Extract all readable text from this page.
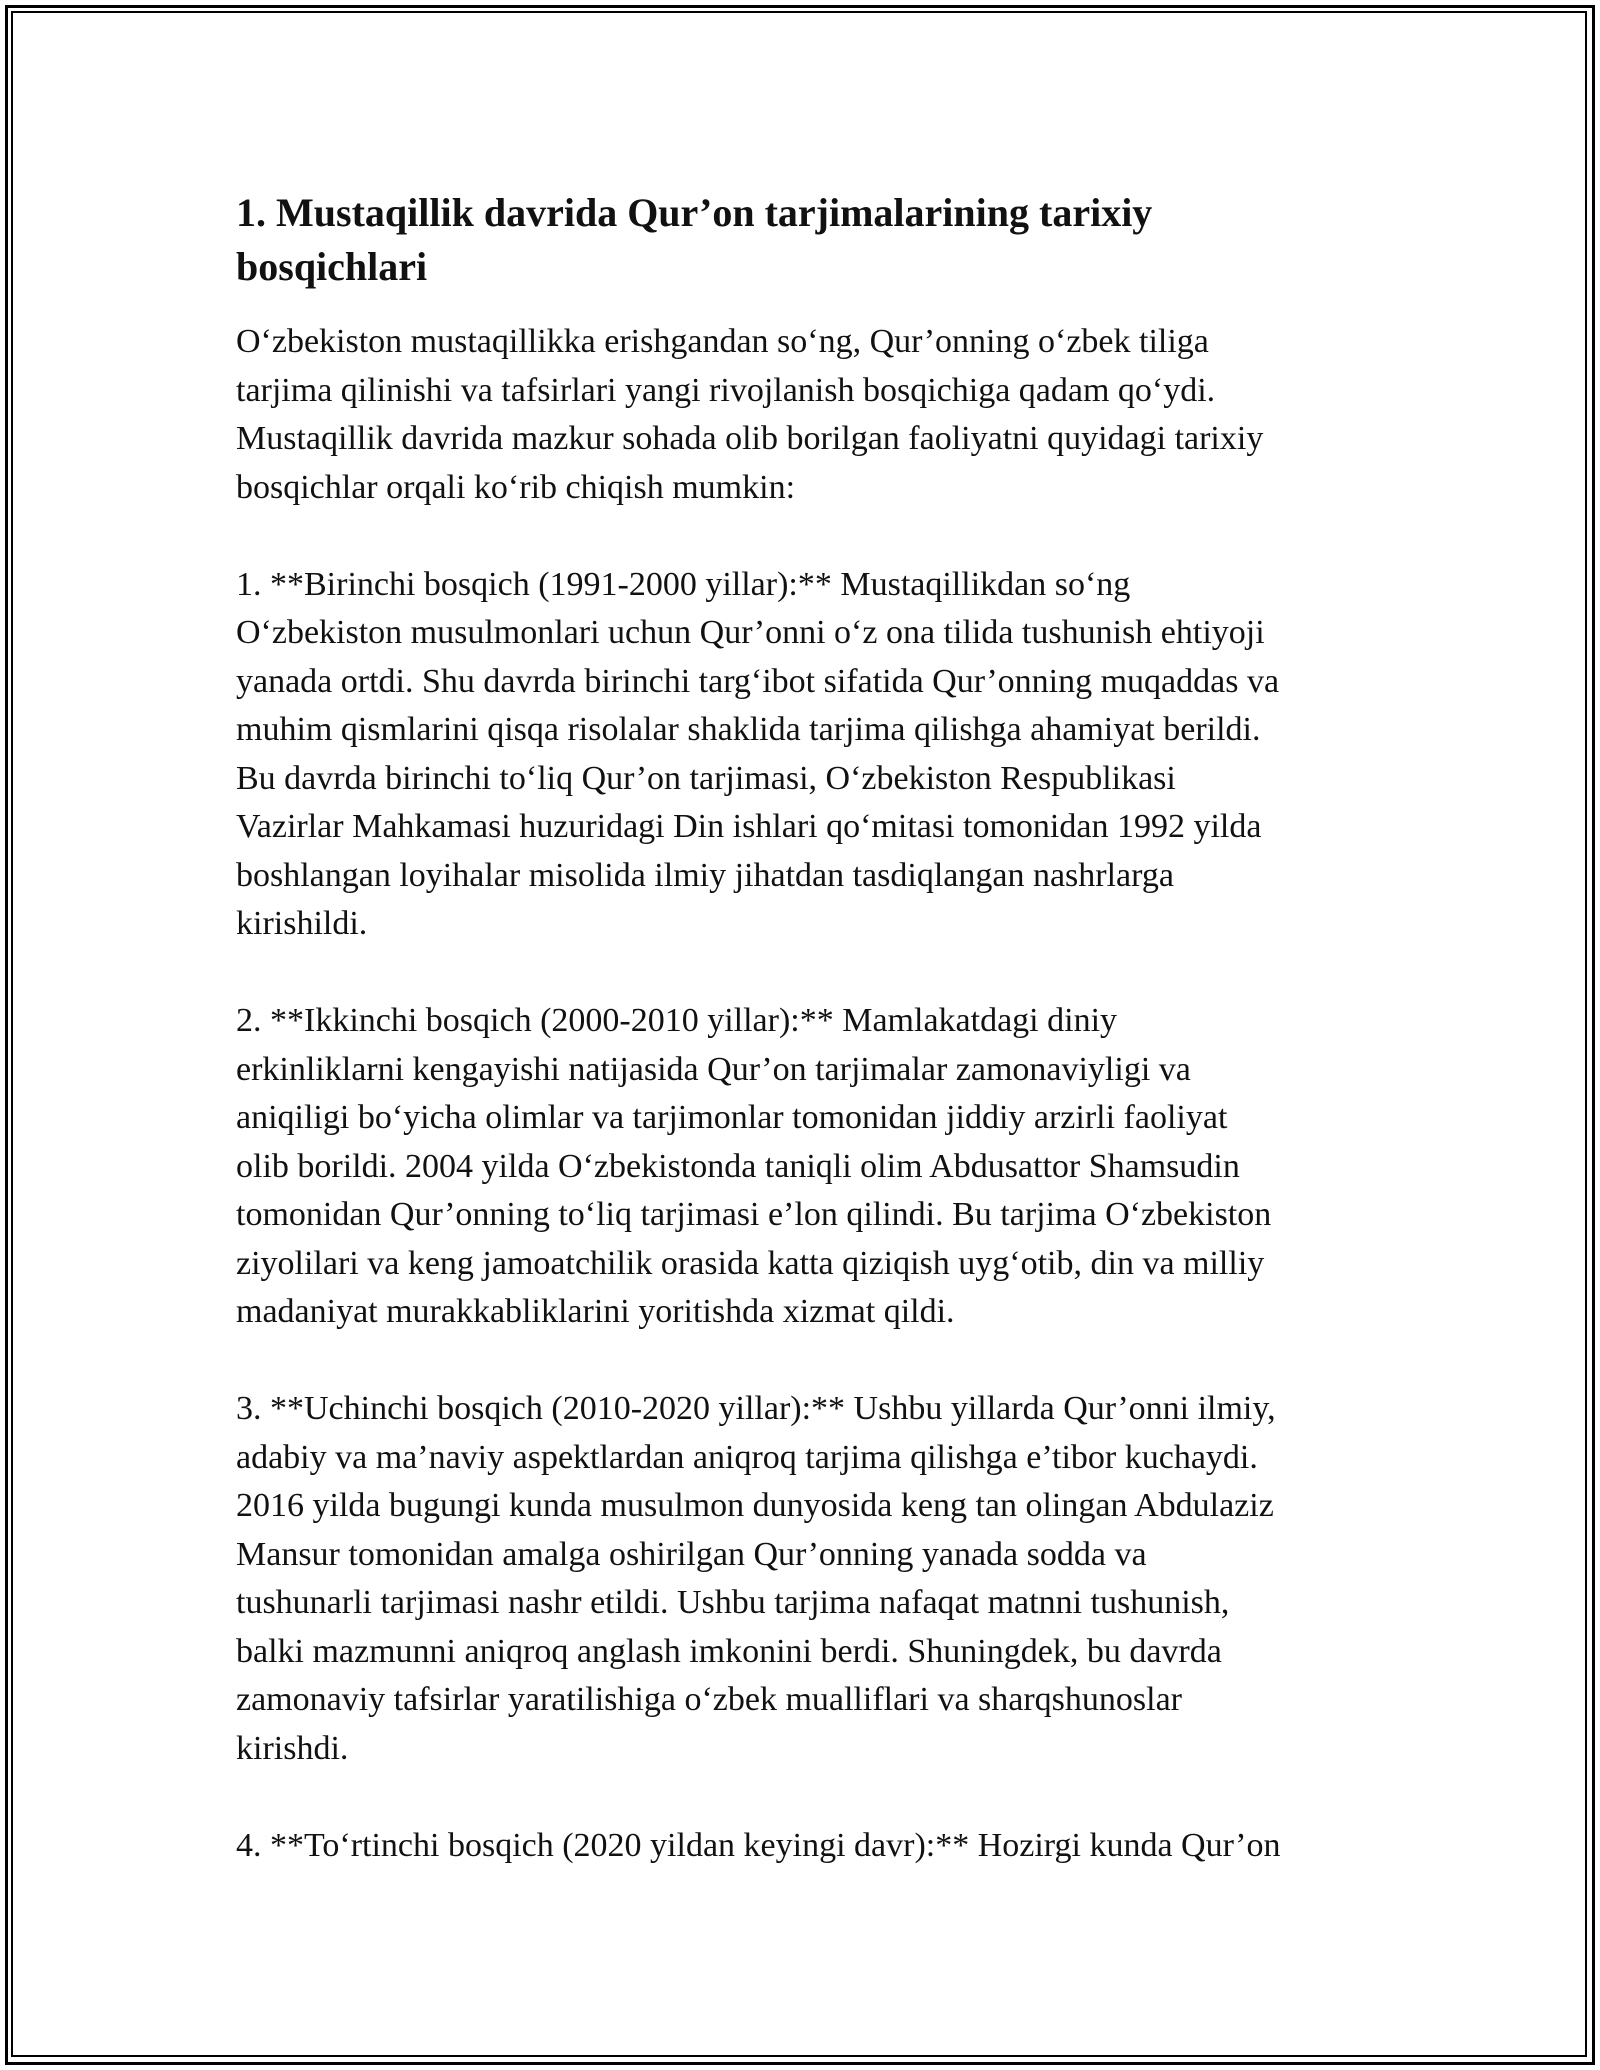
1. Mustaqillik davrida Qur’on tarjimalarining tarixiy
bosqichlari

O‘zbekiston mustaqillikka erishgandan so‘ng, Qur’onning o‘zbek tiliga
tarjima qilinishi va tafsirlari yangi rivojlanish bosqichiga qadam qo‘ydi.
Mustaqillik davrida mazkur sohada olib borilgan faoliyatni quyidagi tarixiy
bosqichlar orqali ko‘rib chiqish mumkin:

1. **Birinchi bosqich (1991-2000 yillar):** Mustaqillikdan so‘ng
O‘zbekiston musulmonlari uchun Qur’onni o‘z ona tilida tushunish ehtiyoji
yanada ortdi. Shu davrda birinchi targ‘ibot sifatida Qur’onning muqaddas va
muhim qismlarini qisqa risolalar shaklida tarjima qilishga ahamiyat berildi.
Bu davrda birinchi to‘liq Qur’on tarjimasi, O‘zbekiston Respublikasi
Vazirlar Mahkamasi huzuridagi Din ishlari qo‘mitasi tomonidan 1992 yilda
boshlangan loyihalar misolida ilmiy jihatdan tasdiqlangan nashrlarga
kirishildi.

2. **Ikkinchi bosqich (2000-2010 yillar):** Mamlakatdagi diniy
erkinliklarni kengayishi natijasida Qur’on tarjimalar zamonaviyligi va
aniqiligi bo‘yicha olimlar va tarjimonlar tomonidan jiddiy arzirli faoliyat
olib borildi. 2004 yilda O‘zbekistonda taniqli olim Abdusattor Shamsudin
tomonidan Qur’onning to‘liq tarjimasi e’lon qilindi. Bu tarjima O‘zbekiston
ziyolilari va keng jamoatchilik orasida katta qiziqish uyg‘otib, din va milliy
madaniyat murakkabliklarini yoritishda xizmat qildi.

3. **Uchinchi bosqich (2010-2020 yillar):** Ushbu yillarda Qur’onni ilmiy,
adabiy va ma’naviy aspektlardan aniqroq tarjima qilishga e’tibor kuchaydi.
2016 yilda bugungi kunda musulmon dunyosida keng tan olingan Abdulaziz
Mansur tomonidan amalga oshirilgan Qur’onning yanada sodda va
tushunarli tarjimasi nashr etildi. Ushbu tarjima nafaqat matnni tushunish,
balki mazmunni aniqroq anglash imkonini berdi. Shuningdek, bu davrda
zamonaviy tafsirlar yaratilishiga o‘zbek mualliflari va sharqshunoslar
kirishdi.

4. **To‘rtinchi bosqich (2020 yildan keyingi davr):** Hozirgi kunda Qur’on
